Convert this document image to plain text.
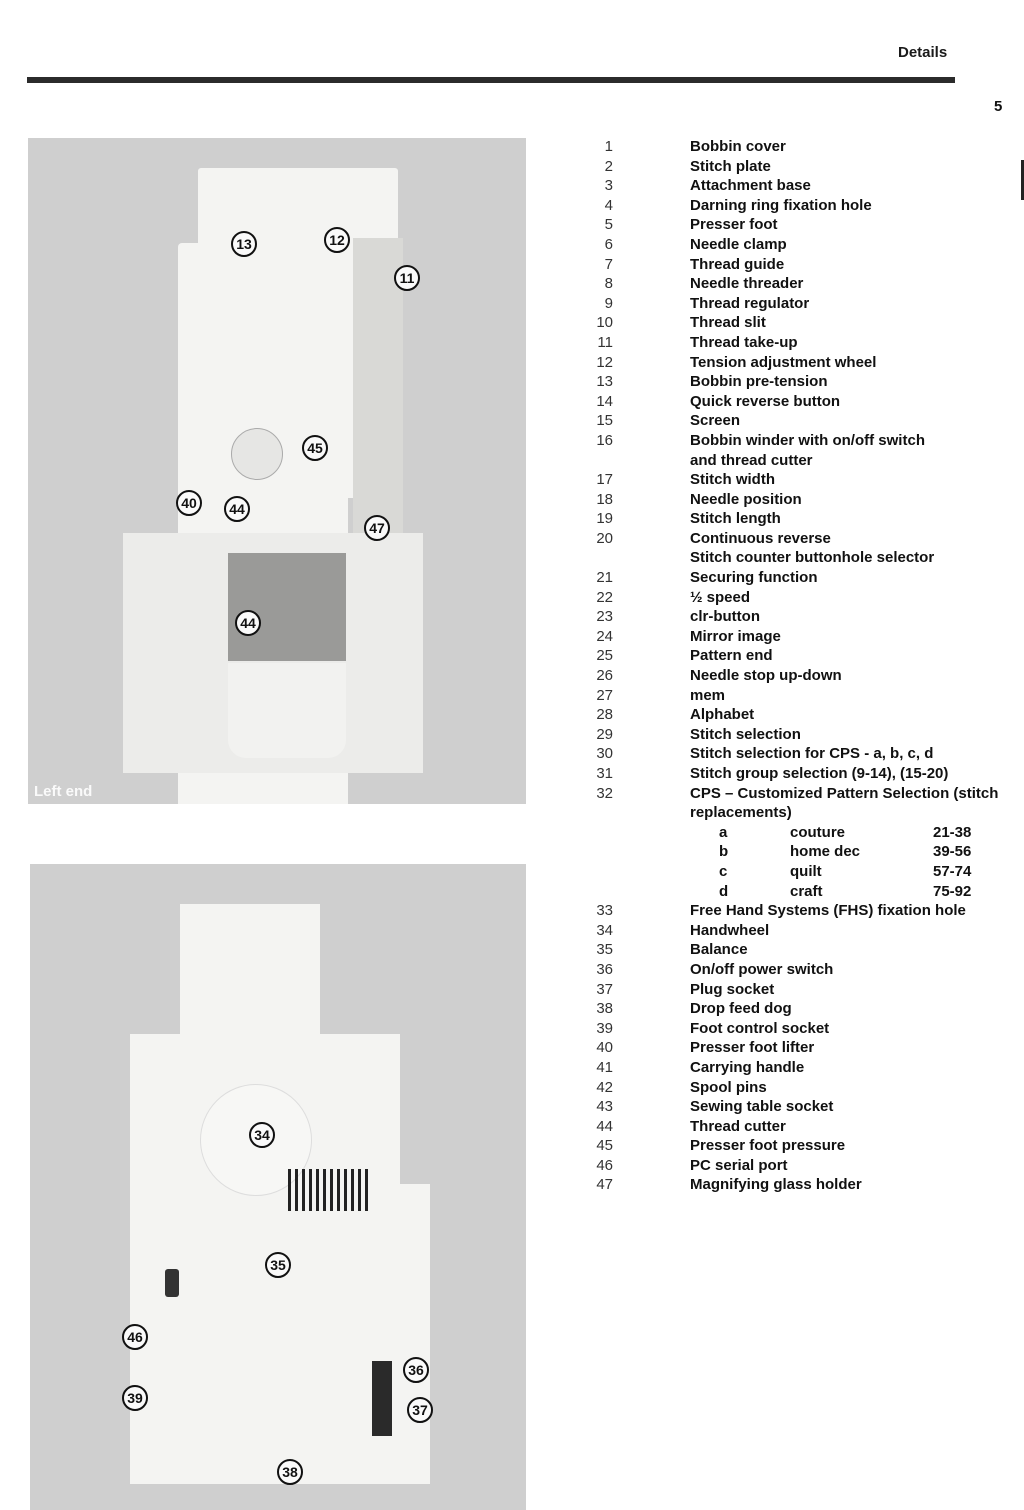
Details
5
13	12
11
45
40	44
47
44
Left end
34
35
46
36
39
37
38
1	Bobbin cover
2	Stitch plate
3	Attachment base
4	Darning ring fixation hole
5	Presser foot
6	Needle clamp
7	Thread guide
8	Needle threader
9	Thread regulator
10	Thread slit
11	Thread take-up
12	Tension adjustment wheel
13	Bobbin pre-tension
14	Quick reverse button
15	Screen
16	Bobbin winder with on/off switch
and thread cutter
17	Stitch width
18	Needle position
19	Stitch length
20	Continuous reverse
Stitch counter buttonhole selector
21	Securing function
22	½ speed
23	clr-button
24	Mirror image
25	Pattern end
26	Needle stop up-down
27	mem
28	Alphabet
29	Stitch selection
30	Stitch selection for CPS - a, b, c, d
31	Stitch group selection (9-14), (15-20)
32	CPS – Customized Pattern Selection (stitch
replacements)
a	couture	21-38
b	home dec	39-56
c	quilt	57-74
d	craft	75-92
33	Free Hand Systems (FHS) fixation hole
34	Handwheel
35	Balance
36	On/off power switch
37	Plug socket
38	Drop feed dog
39	Foot control socket
40	Presser foot lifter
41	Carrying handle
42	Spool pins
43	Sewing table socket
44	Thread cutter
45	Presser foot pressure
46	PC serial port
47	Magnifying glass holder
